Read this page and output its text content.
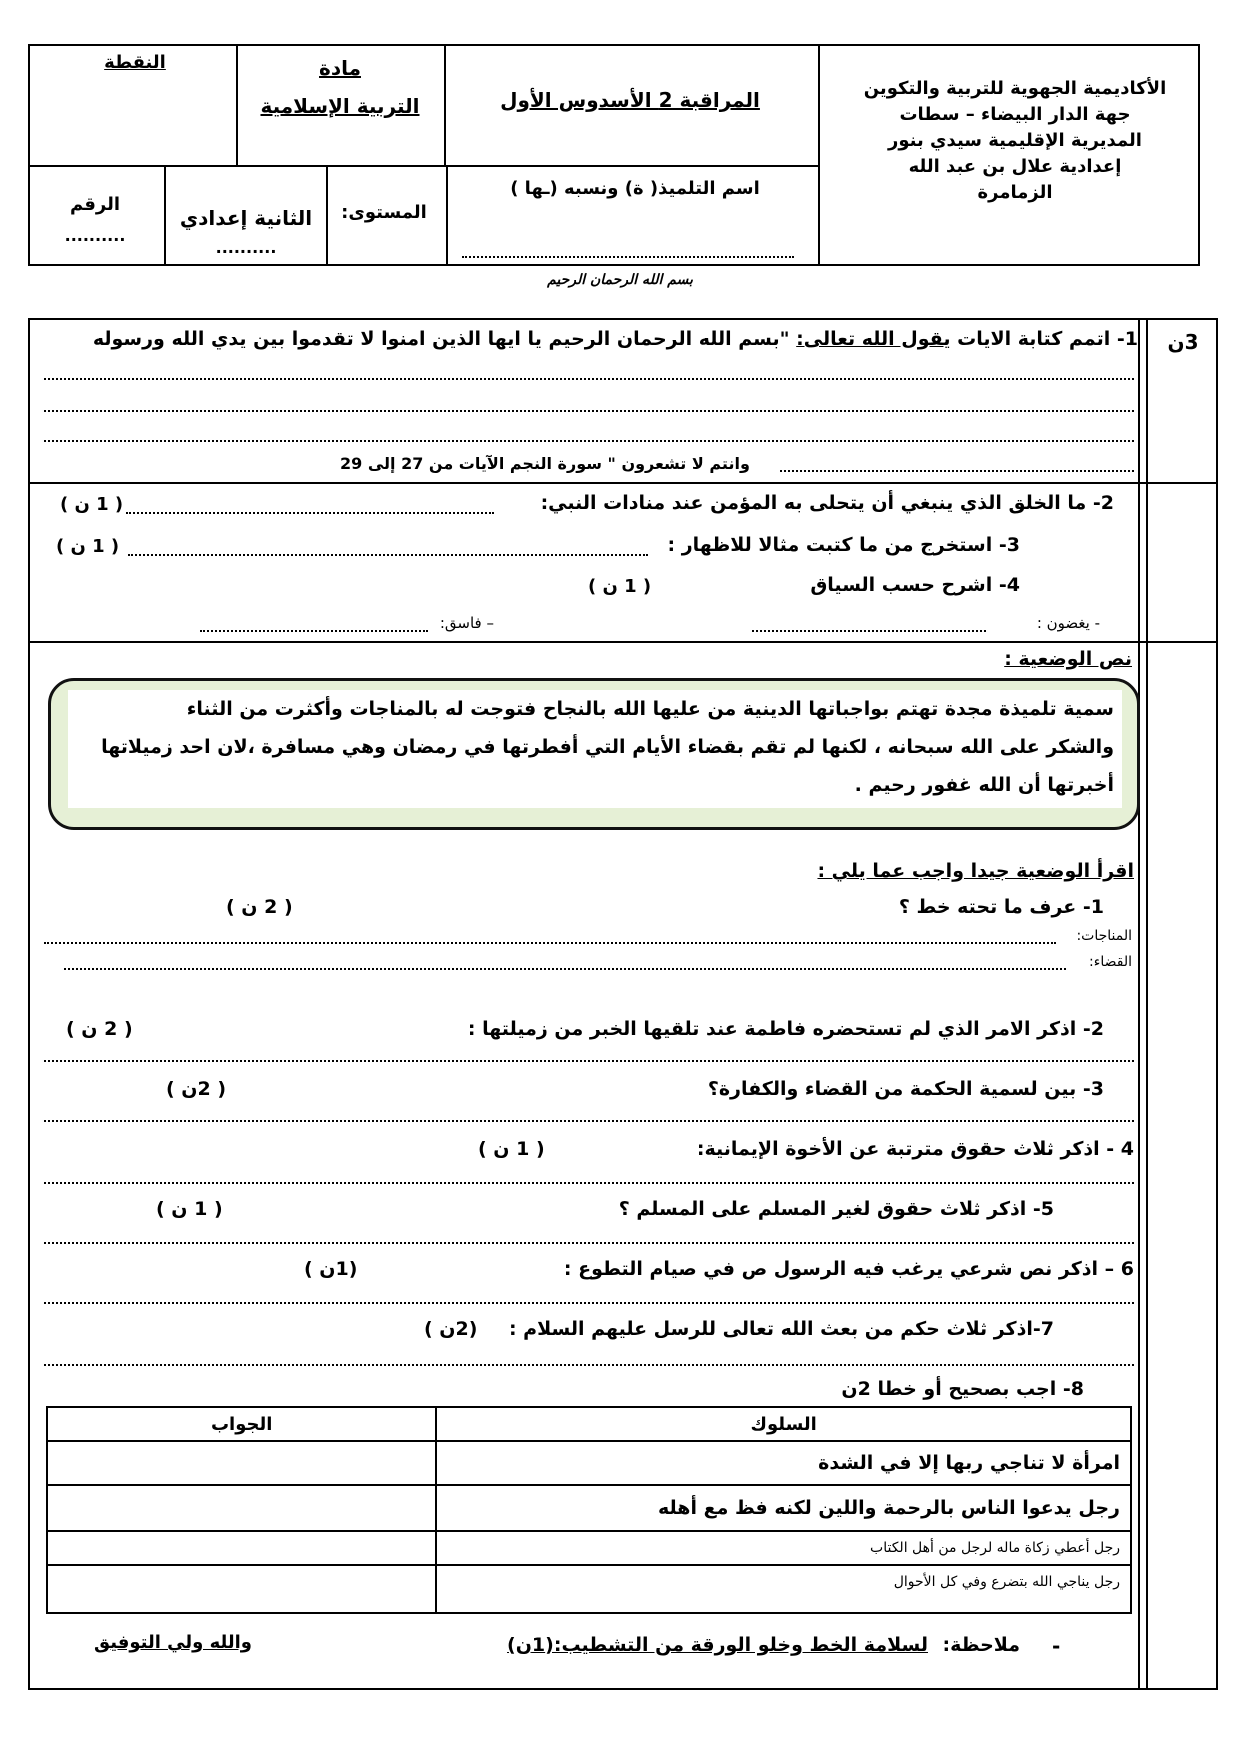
الأكاديمية الجهوية للتربية والتكوين
جهة الدار البيضاء – سطات
المديرية الإقليمية سيدي بنور
إعدادية علال بن عبد الله
الزمامرة
المراقبة 2 الأسدوس الأول
مادة
التربية الإسلامية
النقطة
اسم التلميذ( ة) ونسبه (ـها )
المستوى:
الثانية إعدادي
..........
الرقم
..........
بسم الله الرحمان الرحيم
3ن
1- اتمم كتابة الايات يقول الله تعالى: "بسم الله الرحمان الرحيم يا ايها الذين امنوا لا تقدموا بين يدي الله ورسوله
وانتم لا تشعرون " سورة النجم الآيات من 27 إلى 29
2- ما الخلق الذي ينبغي أن يتحلى به المؤمن عند منادات النبي:
( 1 ن )
3- استخرج من ما كتبت مثالا للاظهار :
( 1 ن )
4- اشرح حسب السياق
( 1 ن )
- يغضون :
– فاسق:
نص الوضعية :
سمية تلميذة مجدة تهتم بواجباتها الدينية من عليها الله بالنجاح فتوجت له بالمناجات وأكثرت من الثناء
والشكر على الله سبحانه ، لكنها لم تقم بقضاء الأيام التي أفطرتها في رمضان وهي مسافرة ،لان احد زميلاتها
أخبرتها أن الله غفور رحيم .
اقرأ الوضعية جيدا واجب عما يلي :
1- عرف ما تحته خط ؟
( 2 ن )
المناجات:
القضاء:
2- اذكر الامر الذي لم تستحضره فاطمة عند تلقيها الخبر من زميلتها :
( 2 ن )
3- بين لسمية الحكمة من القضاء والكفارة؟
( 2ن )
4 - اذكر ثلاث حقوق مترتبة عن الأخوة الإيمانية:
( 1 ن )
5- اذكر ثلاث حقوق لغير المسلم على المسلم ؟
( 1 ن )
6 – اذكر نص شرعي يرغب فيه الرسول ص في صيام التطوع :
(1ن )
7-اذكر ثلاث حكم من بعث الله تعالى للرسل عليهم السلام :
(2ن )
8- اجب بصحيح أو خطا 2ن
السلوك	الجواب
امرأة لا تناجي ربها إلا في الشدة	
رجل يدعوا الناس بالرحمة واللين لكنه فظ مع أهله	
رجل أعطي زكاة ماله لرجل من أهل الكتاب	
رجل يناجي الله بتضرع وفي كل الأحوال	
-
ملاحظة:
لسلامة الخط وخلو الورقة من التشطيب:(1ن)
والله ولي التوفيق
